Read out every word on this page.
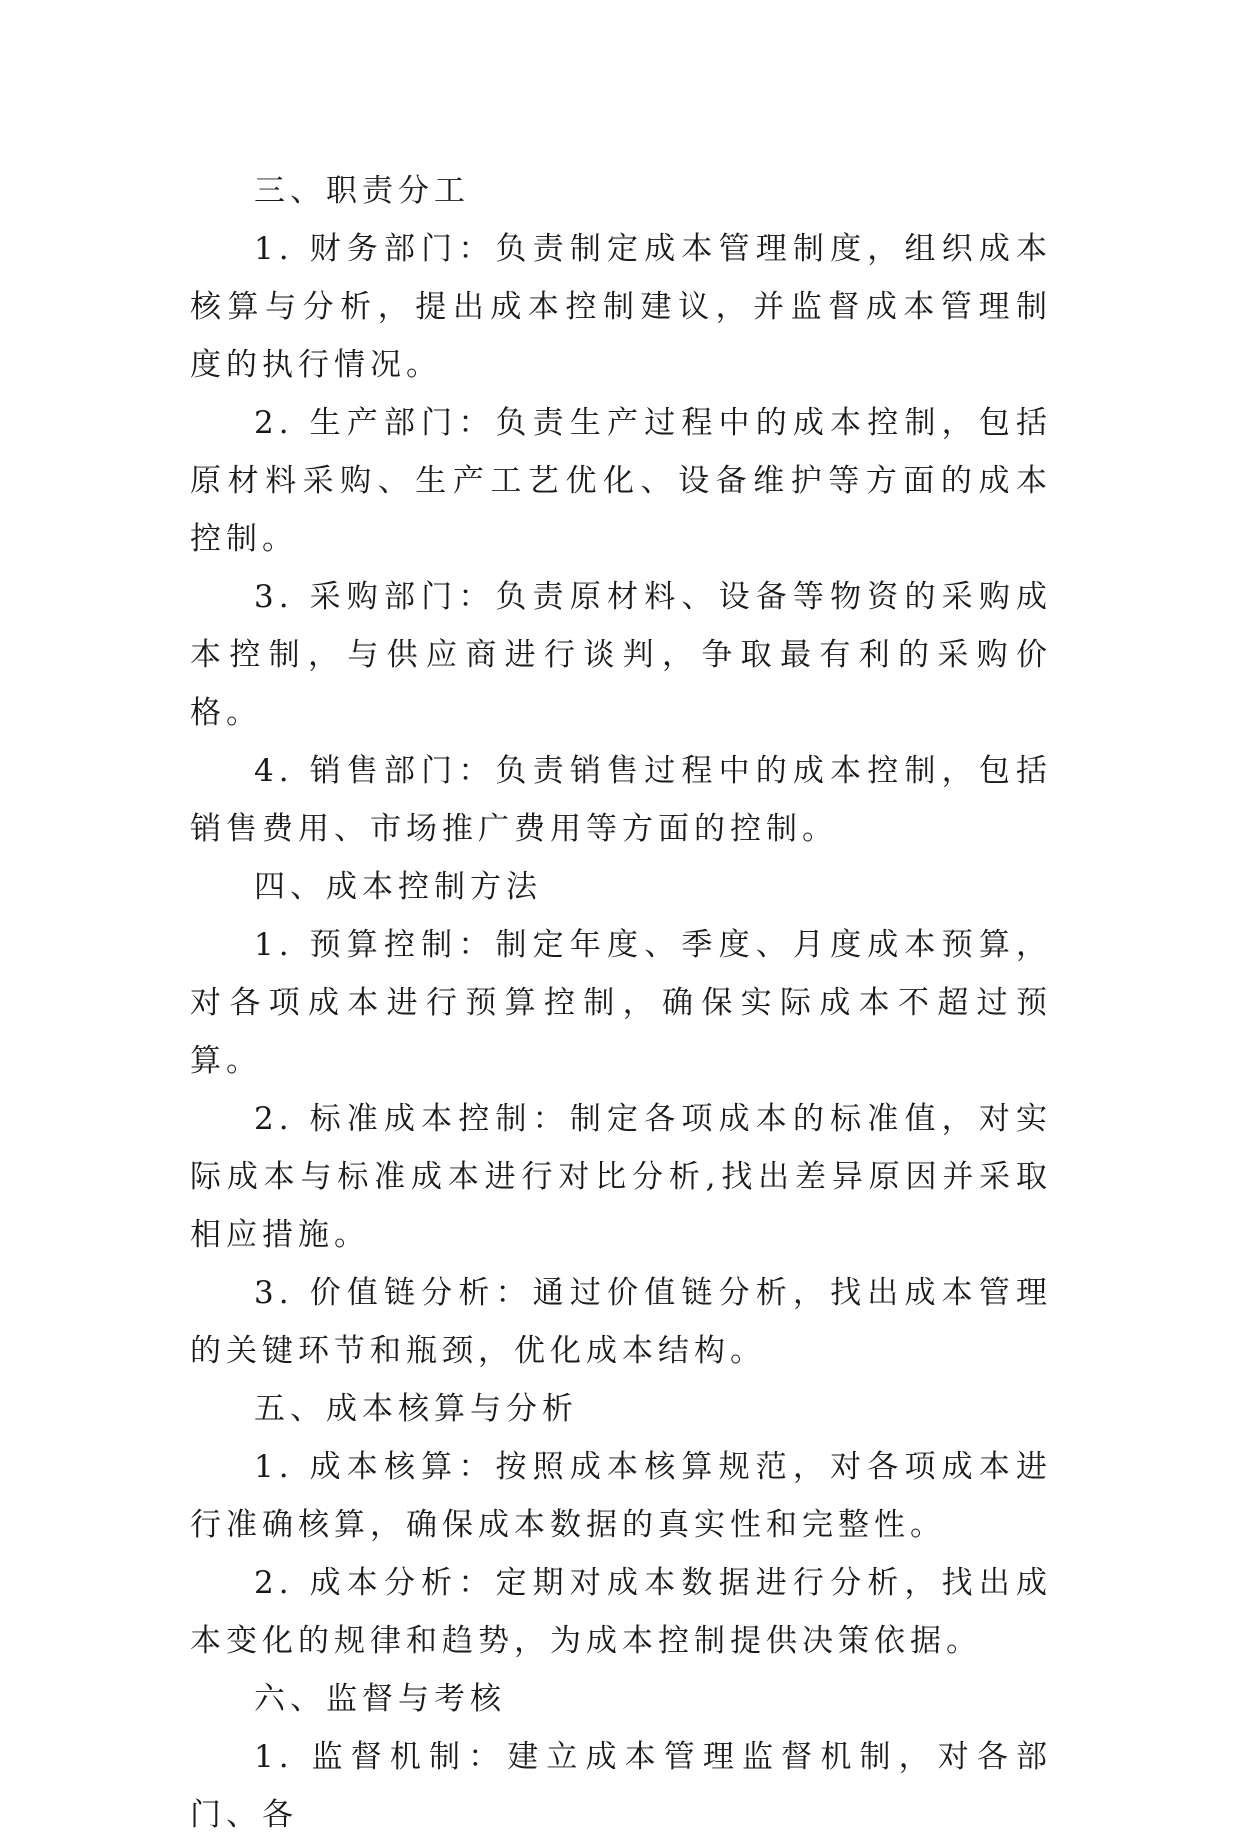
三、职责分工

1. 财务部门：负责制定成本管理制度，组织成本核算与分析，提出成本控制建议，并监督成本管理制度的执行情况。

2. 生产部门：负责生产过程中的成本控制，包括原材料采购、生产工艺优化、设备维护等方面的成本控制。

3. 采购部门：负责原材料、设备等物资的采购成本控制，与供应商进行谈判，争取最有利的采购价格。

4. 销售部门：负责销售过程中的成本控制，包括销售费用、市场推广费用等方面的控制。

四、成本控制方法

1. 预算控制：制定年度、季度、月度成本预算，对各项成本进行预算控制，确保实际成本不超过预算。

2. 标准成本控制：制定各项成本的标准值，对实际成本与标准成本进行对比分析,找出差异原因并采取相应措施。

3. 价值链分析：通过价值链分析，找出成本管理的关键环节和瓶颈，优化成本结构。

五、成本核算与分析

1. 成本核算：按照成本核算规范，对各项成本进行准确核算，确保成本数据的真实性和完整性。

2. 成本分析：定期对成本数据进行分析，找出成本变化的规律和趋势，为成本控制提供决策依据。

六、监督与考核

1. 监督机制：建立成本管理监督机制，对各部门、各
